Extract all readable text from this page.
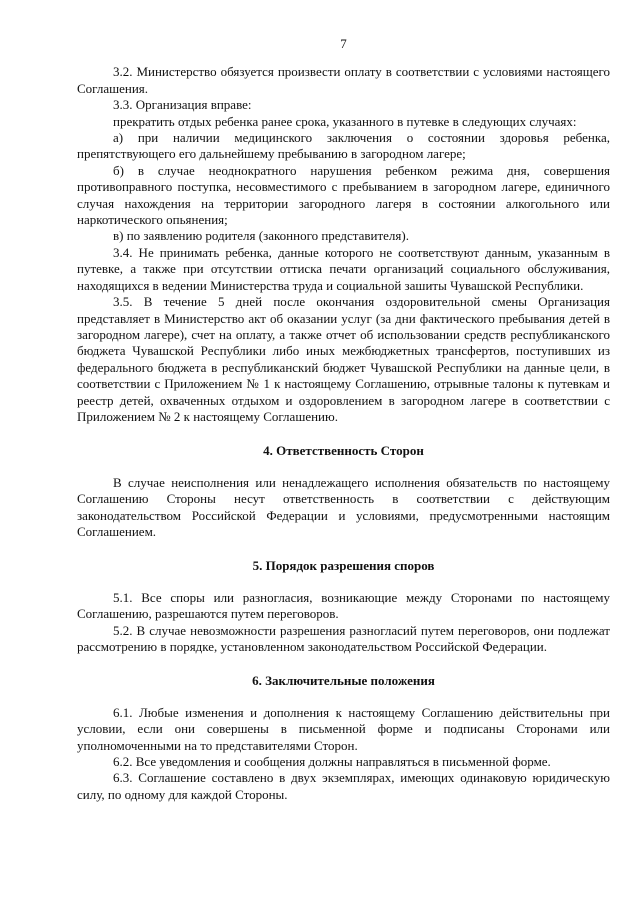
7

3.2. Министерство обязуется произвести оплату в соответствии с условиями настоящего Соглашения.

3.3. Организация вправе:

прекратить отдых ребенка ранее срока, указанного в путевке в следующих случаях:

а) при наличии медицинского заключения о состоянии здоровья ребенка, препятствующего его дальнейшему пребыванию в загородном лагере;

б) в случае неоднократного нарушения ребенком режима дня, совершения противоправного поступка, несовместимого с пребыванием в загородном лагере, единичного случая нахождения на территории загородного лагеря в состоянии алкогольного или наркотического опьянения;

в) по заявлению родителя (законного представителя).

3.4. Не принимать ребенка, данные которого не соответствуют данным, указанным в путевке, а также при отсутствии оттиска печати организаций социального обслуживания, находящихся в ведении Министерства труда и социальной зашиты Чувашской Республики.

3.5. В течение 5 дней после окончания оздоровительной смены Организация представляет в Министерство акт об оказании услуг (за дни фактического пребывания детей в загородном лагере), счет на оплату, а также отчет об использовании средств республиканского бюджета Чувашской Республики либо иных межбюджетных трансфертов, поступивших из федерального бюджета в республиканский бюджет Чувашской Республики на данные цели, в соответствии с Приложением № 1 к настоящему Соглашению, отрывные талоны к путевкам и реестр детей, охваченных отдыхом и оздоровлением в загородном лагере в соответствии с Приложением № 2 к настоящему Соглашению.

4. Ответственность Сторон

В случае неисполнения или ненадлежащего исполнения обязательств по настоящему Соглашению Стороны несут ответственность в соответствии с действующим законодательством Российской Федерации и условиями, предусмотренными настоящим Соглашением.

5. Порядок разрешения споров

5.1. Все споры или разногласия, возникающие между Сторонами по настоящему Соглашению, разрешаются путем переговоров.

5.2. В случае невозможности разрешения разногласий путем переговоров, они подлежат рассмотрению в порядке, установленном законодательством Российской Федерации.

6. Заключительные положения

6.1. Любые изменения и дополнения к настоящему Соглашению действительны при условии, если они совершены в письменной форме и подписаны Сторонами или уполномоченными на то представителями Сторон.

6.2. Все уведомления и сообщения должны направляться в письменной форме.

6.3. Соглашение составлено в двух экземплярах, имеющих одинаковую юридическую силу, по одному для каждой Стороны.
